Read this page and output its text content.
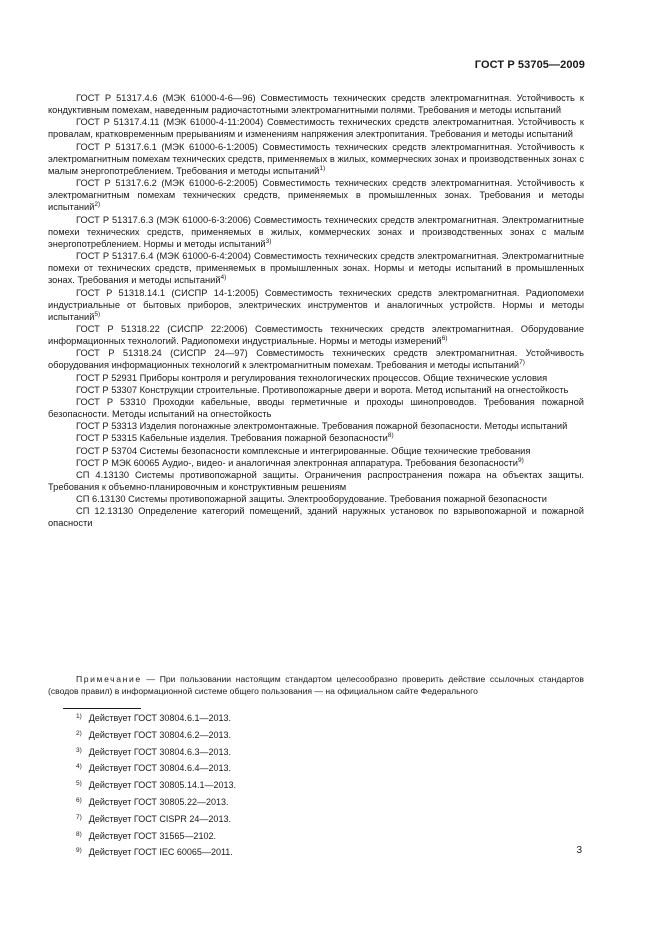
ГОСТ Р 53705—2009

ГОСТ Р 51317.4.6 (МЭК 61000-4-6—96) Совместимость технических средств электромагнитная. Устойчивость к кондуктивным помехам, наведенным радиочастотными электромагнитными полями. Требования и методы испытаний

ГОСТ Р 51317.4.11 (МЭК 61000-4-11:2004) Совместимость технических средств электромагнитная. Устойчивость к провалам, кратковременным прерываниям и изменениям напряжения электропитания. Требования и методы испытаний

ГОСТ Р 51317.6.1 (МЭК 61000-6-1:2005) Совместимость технических средств электромагнитная. Устойчивость к электромагнитным помехам технических средств, применяемых в жилых, коммерческих зонах и производственных зонах с малым энергопотреблением. Требования и методы испытаний$^{1)}$

ГОСТ Р 51317.6.2 (МЭК 61000-6-2:2005) Совместимость технических средств электромагнитная. Устойчивость к электромагнитным помехам технических средств, применяемых в промышленных зонах. Требования и методы испытаний$^{2)}$

ГОСТ Р 51317.6.3 (МЭК 61000-6-3:2006) Совместимость технических средств электромагнитная. Электромагнитные помехи технических средств, применяемых в жилых, коммерческих зонах и производственных зонах с малым энергопотреблением. Нормы и методы испытаний$^{3)}$

ГОСТ Р 51317.6.4 (МЭК 61000-6-4:2004) Совместимость технических средств электромагнитная. Электромагнитные помехи от технических средств, применяемых в промышленных зонах. Нормы и методы испытаний в промышленных зонах. Требования и методы испытаний$^{4)}$

ГОСТ Р 51318.14.1 (СИСПР 14-1:2005) Совместимость технических средств электромагнитная. Радиопомехи индустриальные от бытовых приборов, электрических инструментов и аналогичных устройств. Нормы и методы испытаний$^{5)}$

ГОСТ Р 51318.22 (СИСПР 22:2006) Совместимость технических средств электромагнитная. Оборудование информационных технологий. Радиопомехи индустриальные. Нормы и методы измерений$^{6)}$

ГОСТ Р 51318.24 (СИСПР 24—97) Совместимость технических средств электромагнитная. Устойчивость оборудования информационных технологий к электромагнитным помехам. Требования и методы испытаний$^{7)}$

ГОСТ Р 52931 Приборы контроля и регулирования технологических процессов. Общие технические условия

ГОСТ Р 53307 Конструкции строительные. Противопожарные двери и ворота. Метод испытаний на огнестойкость

ГОСТ Р 53310 Проходки кабельные, вводы герметичные и проходы шинопроводов. Требования пожарной безопасности. Методы испытаний на огнестойкость

ГОСТ Р 53313 Изделия погонажные электромонтажные. Требования пожарной безопасности. Методы испытаний

ГОСТ Р 53315 Кабельные изделия. Требования пожарной безопасности$^{8)}$

ГОСТ Р 53704 Системы безопасности комплексные и интегрированные. Общие технические требования

ГОСТ Р МЭК 60065 Аудио-, видео- и аналогичная электронная аппаратура. Требования безопасности$^{9)}$

СП 4.13130 Системы противопожарной защиты. Ограничения распространения пожара на объектах защиты. Требования к объемно-планировочным и конструктивным решениям

СП 6.13130 Системы противопожарной защиты. Электрооборудование. Требования пожарной безопасности

СП 12.13130 Определение категорий помещений, зданий наружных установок по взрывопожарной и пожарной опасности

Примечание — При пользовании настоящим стандартом целесообразно проверить действие ссылочных стандартов (сводов правил) в информационной системе общего пользования — на официальном сайте Федерального

$^{1)}$ Действует ГОСТ 30804.6.1—2013.

$^{2)}$ Действует ГОСТ 30804.6.2—2013.

$^{3)}$ Действует ГОСТ 30804.6.3—2013.

$^{4)}$ Действует ГОСТ 30804.6.4—2013.

$^{5)}$ Действует ГОСТ 30805.14.1—2013.

$^{6)}$ Действует ГОСТ 30805.22—2013.

$^{7)}$ Действует ГОСТ CISPR 24—2013.

$^{8)}$ Действует ГОСТ 31565—2102.

$^{9)}$ Действует ГОСТ IEC 60065—2011.	3
